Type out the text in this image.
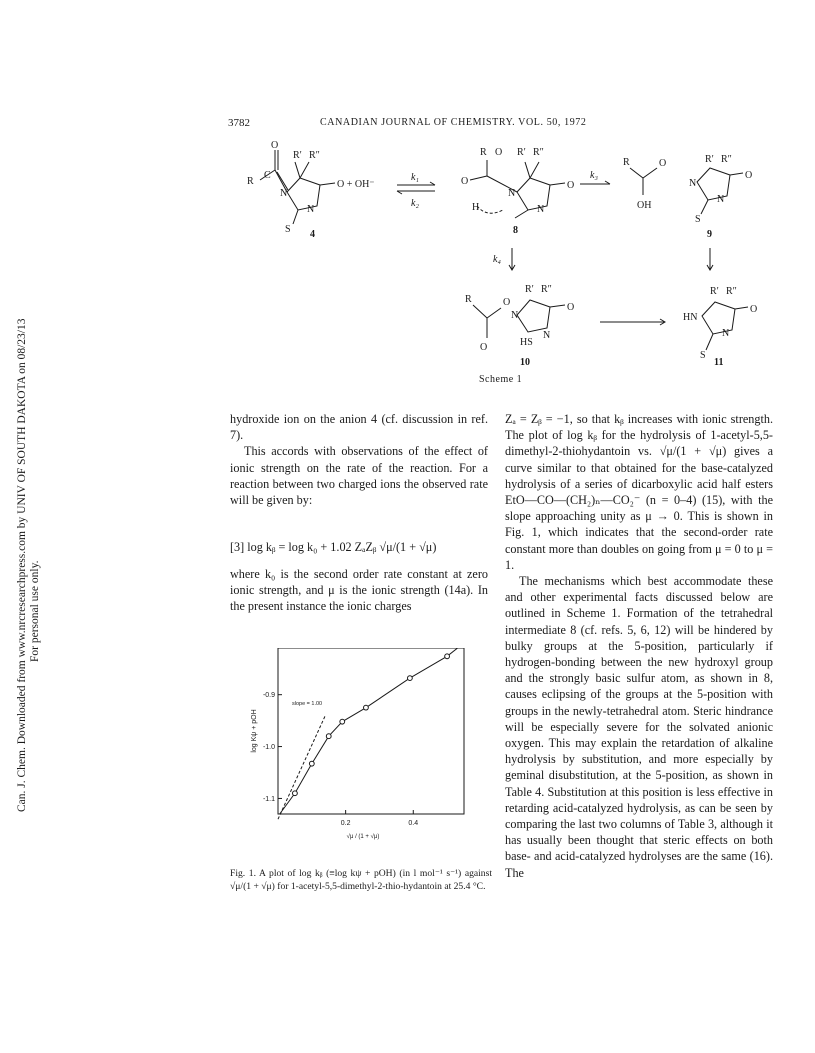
3782	CANADIAN JOURNAL OF CHEMISTRY. VOL. 50, 1972
Can. J. Chem. Downloaded from www.nrcresearchpress.com by UNIV OF SOUTH DAKOTA on 08/23/13 For personal use only.
O
R′ R″
R
C
N
O + OH⁻
N
S 4
k₁
k₂
R O R′ R″
O
N
O
H	N
8
k₃
R	O
OH
R′ R″
N
O
N
S
9
k₄
R	O
O
R′ R″
N
O
HS
N
10
R′ R″
HN
O
N
S
11
Scheme 1

hydroxide ion on the anion 4 (cf. discussion in ref. 7).

This accords with observations of the effect of ionic strength on the rate of the reaction. For a reaction between two charged ions the observed rate will be given by:

[3] log kᵦ = log k₀ + 1.02 ZₐZᵦ √μ/(1 + √μ)

where k₀ is the second order rate constant at zero ionic strength, and μ is the ionic strength (14a). In the present instance the ionic charges

Zₐ = Zᵦ = −1, so that kᵦ increases with ionic strength. The plot of log kᵦ for the hydrolysis of 1-acetyl-5,5-dimethyl-2-thiohydantoin vs. √μ/(1 + √μ) gives a curve similar to that obtained for the base-catalyzed hydrolysis of a series of dicarboxylic acid half esters EtO—CO—(CH₂)ₙ—CO₂⁻ (n = 0–4) (15), with the slope approaching unity as μ → 0. This is shown in Fig. 1, which indicates that the second-order rate constant more than doubles on going from μ = 0 to μ = 1.

The mechanisms which best accommodate these and other experimental facts discussed below are outlined in Scheme 1. Formation of the tetrahedral intermediate 8 (cf. refs. 5, 6, 12) will be hindered by bulky groups at the 5-position, particularly if hydrogen-bonding between the new hydroxyl group and the strongly basic sulfur atom, as shown in 8, causes eclipsing of the groups at the 5-position with groups in the newly-tetrahedral atom. Steric hindrance will be especially severe for the solvated anionic oxygen. This may explain the retardation of alkaline hydrolysis by substitution, and more especially by geminal disubstitution, at the 5-position, as shown in Table 4. Substitution at this position is less effective in retarding acid-catalyzed hydrolysis, as can be seen by comparing the last two columns of Table 3, although it has usually been thought that steric effects on both base- and acid-catalyzed hydrolyses are the same (16). The

0.2	0.4
-0.9
-1.0
-1.1
√μ / (1 + √μ)
log Kψ + pOH
slope = 1.00
Fig. 1. A plot of log kᵦ (≡log kψ + pOH) (in l mol⁻¹ s⁻¹) against √μ/(1 + √μ) for 1-acetyl-5,5-dimethyl-2-thio-hydantoin at 25.4 °C.
